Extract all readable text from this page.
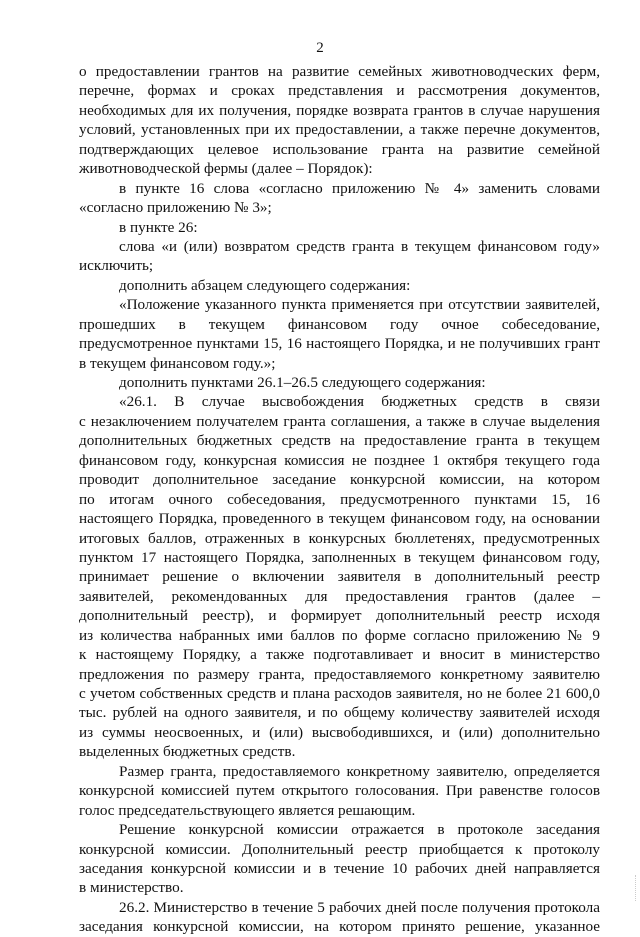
2
о предоставлении грантов на развитие семейных животноводческих ферм,
перечне, формах и сроках представления и рассмотрения документов,
необходимых для их получения, порядке возврата грантов в случае нарушения
условий, установленных при их предоставлении, а также перечне документов,
подтверждающих целевое использование гранта на развитие семейной
животноводческой фермы (далее – Порядок):
в пункте 16 слова «согласно приложению № 4» заменить словами
«согласно приложению № 3»;
в пункте 26:
слова «и (или) возвратом средств гранта в текущем финансовом году»
исключить;
дополнить абзацем следующего содержания:
«Положение указанного пункта применяется при отсутствии заявителей,
прошедших в текущем финансовом году очное собеседование,
предусмотренное пунктами 15, 16 настоящего Порядка, и не получивших грант
в текущем финансовом году.»;
дополнить пунктами 26.1–26.5 следующего содержания:
«26.1. В случае высвобождения бюджетных средств в связи
с незаключением получателем гранта соглашения, а также в случае выделения
дополнительных бюджетных средств на предоставление гранта в текущем
финансовом году, конкурсная комиссия не позднее 1 октября текущего года
проводит дополнительное заседание конкурсной комиссии, на котором
по итогам очного собеседования, предусмотренного пунктами 15, 16
настоящего Порядка, проведенного в текущем финансовом году, на основании
итоговых баллов, отраженных в конкурсных бюллетенях, предусмотренных
пунктом 17 настоящего Порядка, заполненных в текущем финансовом году,
принимает решение о включении заявителя в дополнительный реестр
заявителей, рекомендованных для предоставления грантов (далее –
дополнительный реестр), и формирует дополнительный реестр исходя
из количества набранных ими баллов по форме согласно приложению № 9
к настоящему Порядку, а также подготавливает и вносит в министерство
предложения по размеру гранта, предоставляемого конкретному заявителю
с учетом собственных средств и плана расходов заявителя, но не более 21 600,0
тыс. рублей на одного заявителя, и по общему количеству заявителей исходя
из суммы неосвоенных, и (или) высвободившихся, и (или) дополнительно
выделенных бюджетных средств.
Размер гранта, предоставляемого конкретному заявителю, определяется
конкурсной комиссией путем открытого голосования. При равенстве голосов
голос председательствующего является решающим.
Решение конкурсной комиссии отражается в протоколе заседания
конкурсной комиссии. Дополнительный реестр приобщается к протоколу
заседания конкурсной комиссии и в течение 10 рабочих дней направляется
в министерство.
26.2. Министерство в течение 5 рабочих дней после получения протокола
заседания конкурсной комиссии, на котором принято решение, указанное
